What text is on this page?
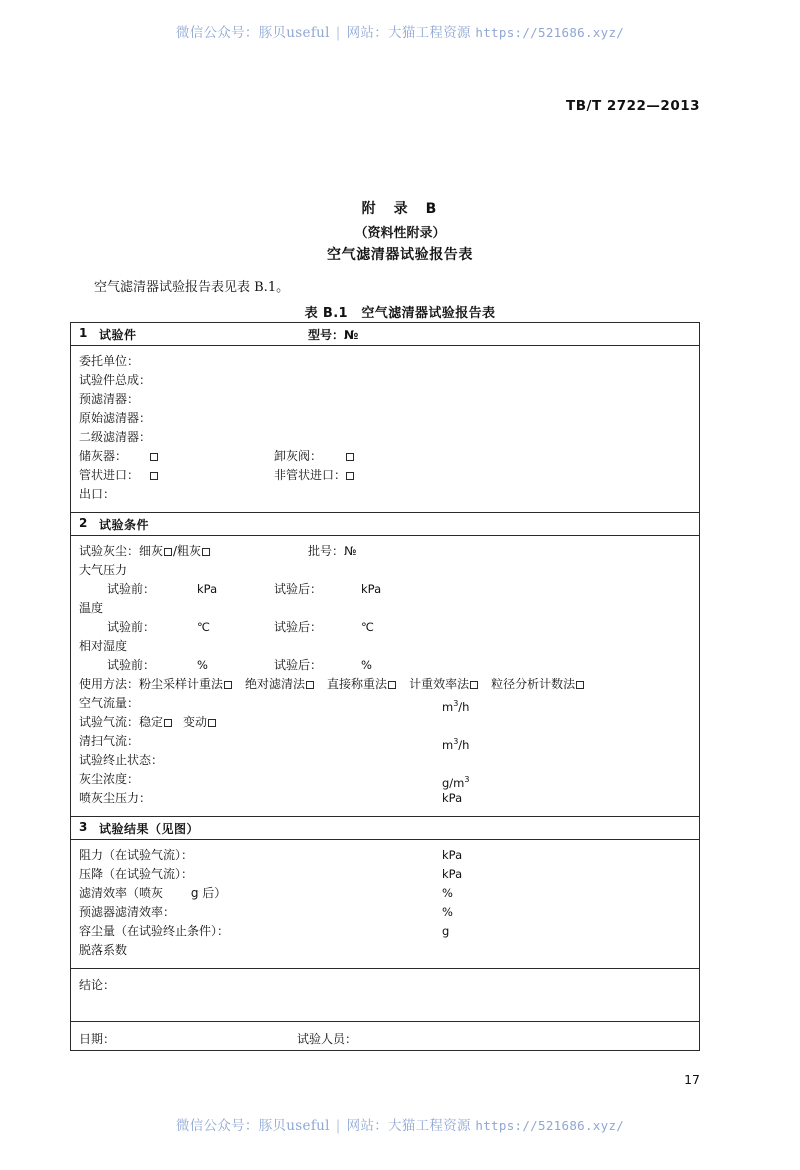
微信公众号：豚贝useful | 网站：大猫工程资源 https://521686.xyz/
TB/T 2722—2013
附　录　B
（资料性附录）
空气滤清器试验报告表
空气滤清器试验报告表见表 B.1。
表 B.1　空气滤清器试验报告表
1 试验件	型号：№
委托单位：
试验件总成：
预滤清器：
原始滤清器：
二级滤清器：
储灰器：	卸灰阀：
管状进口：	非管状进口：
出口：
2 试验条件
试验灰尘：细灰 /粗灰	批号：№
大气压力
试验前：	kPa	试验后：	kPa
温度
试验前：	℃	试验后：	℃
相对湿度
试验前：	%	试验后：	%
使用方法：粉尘采样计重法 绝对滤清法 直接称重法 计重效率法 粒径分析计数法
空气流量：	$m^3/h$
试验气流：稳定 变动
清扫气流：	$m^3/h$
试验终止状态：
灰尘浓度：	$g/m^3$
喷灰尘压力：	kPa
3 试验结果（见图）
阻力（在试验气流）：	kPa
压降（在试验气流）：	kPa
滤清效率（喷灰　　 g 后）	%
预滤器滤清效率：	%
容尘量（在试验终止条件）：	g
脱落系数
结论：
日期：	试验人员：
17
微信公众号：豚贝useful | 网站：大猫工程资源 https://521686.xyz/
